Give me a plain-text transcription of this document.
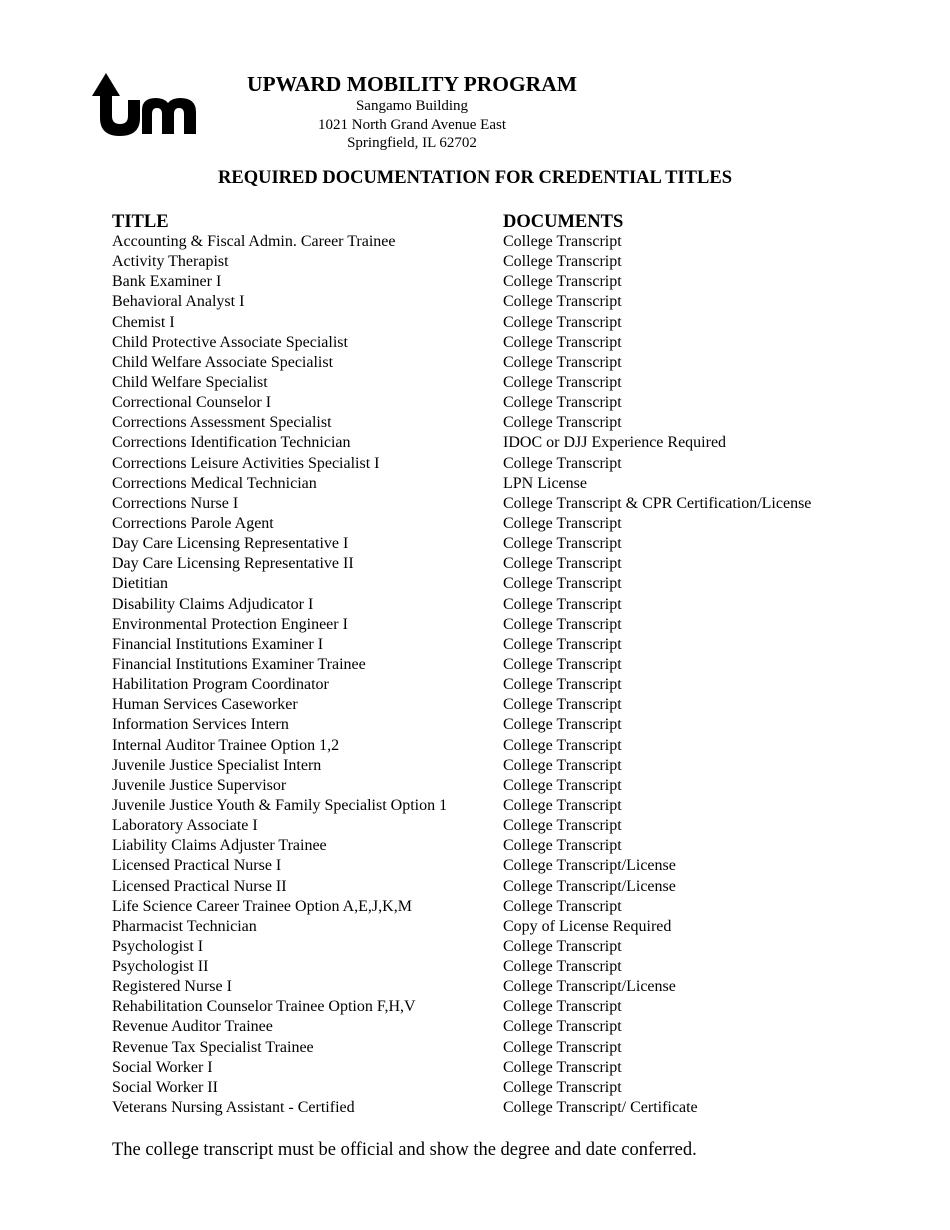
UPWARD MOBILITY PROGRAM
Sangamo Building
1021 North Grand Avenue East
Springfield, IL 62702
REQUIRED DOCUMENTATION FOR CREDENTIAL TITLES
TITLE	DOCUMENTS
Accounting & Fiscal Admin. Career Trainee	College Transcript
Activity Therapist	College Transcript
Bank Examiner I	College Transcript
Behavioral Analyst I	College Transcript
Chemist I	College Transcript
Child Protective Associate Specialist	College Transcript
Child Welfare Associate Specialist	College Transcript
Child Welfare Specialist	College Transcript
Correctional Counselor I	College Transcript
Corrections Assessment Specialist	College Transcript
Corrections Identification Technician	IDOC or DJJ Experience Required
Corrections Leisure Activities Specialist I	College Transcript
Corrections Medical Technician	LPN License
Corrections Nurse I	College Transcript & CPR Certification/License
Corrections Parole Agent	College Transcript
Day Care Licensing Representative I	College Transcript
Day Care Licensing Representative II	College Transcript
Dietitian	College Transcript
Disability Claims Adjudicator I	College Transcript
Environmental Protection Engineer I	College Transcript
Financial Institutions Examiner I	College Transcript
Financial Institutions Examiner Trainee	College Transcript
Habilitation Program Coordinator	College Transcript
Human Services Caseworker	College Transcript
Information Services Intern	College Transcript
Internal Auditor Trainee Option 1,2	College Transcript
Juvenile Justice Specialist Intern	College Transcript
Juvenile Justice Supervisor	College Transcript
Juvenile Justice Youth & Family Specialist Option 1	College Transcript
Laboratory Associate I	College Transcript
Liability Claims Adjuster Trainee	College Transcript
Licensed Practical Nurse I	College Transcript/License
Licensed Practical Nurse II	College Transcript/License
Life Science Career Trainee Option A,E,J,K,M	College Transcript
Pharmacist Technician	Copy of License Required
Psychologist I	College Transcript
Psychologist II	College Transcript
Registered Nurse I	College Transcript/License
Rehabilitation Counselor Trainee Option F,H,V	College Transcript
Revenue Auditor Trainee	College Transcript
Revenue Tax Specialist Trainee	College Transcript
Social Worker I	College Transcript
Social Worker II	College Transcript
Veterans Nursing Assistant - Certified	College Transcript/ Certificate
The college transcript must be official and show the degree and date conferred.
